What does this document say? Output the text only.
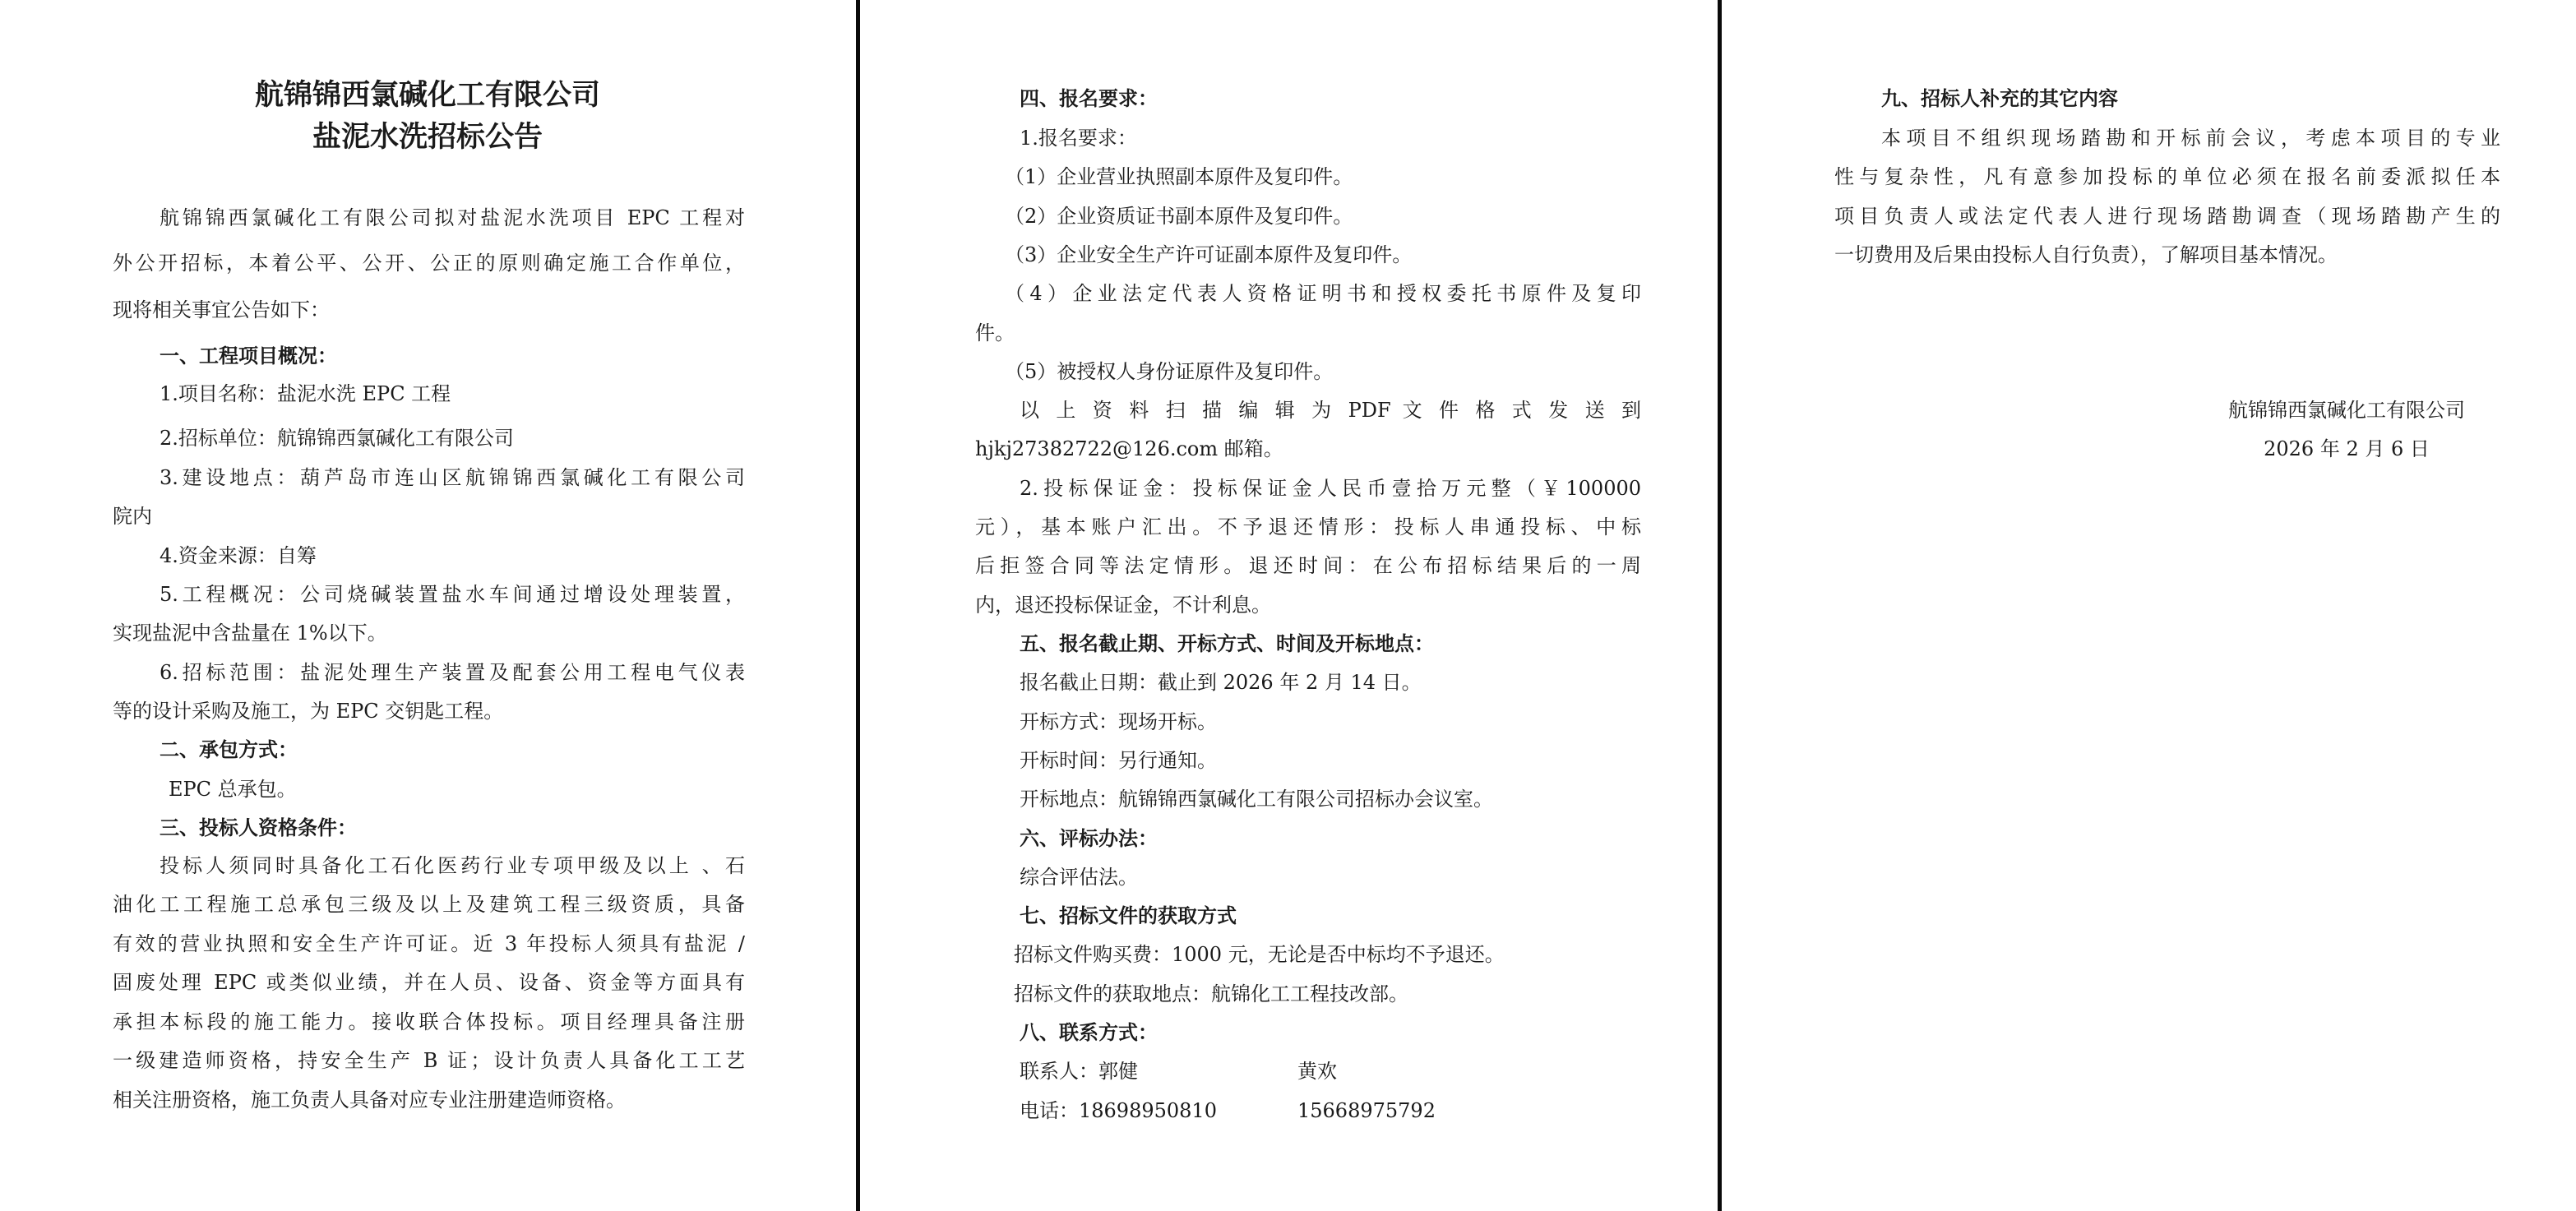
航锦锦西氯碱化工有限公司
盐泥水洗招标公告
航锦锦西氯碱化工有限公司拟对盐泥水洗项目 EPC 工程对
外公开招标，本着公平、公开、公正的原则确定施工合作单位，
现将相关事宜公告如下：
一、工程项目概况：
1.项目名称：盐泥水洗 EPC 工程
2.招标单位：航锦锦西氯碱化工有限公司
3.建设地点：葫芦岛市连山区航锦锦西氯碱化工有限公司
院内
4.资金来源：自筹
5.工程概况：公司烧碱装置盐水车间通过增设处理装置，
实现盐泥中含盐量在 1%以下。
6.招标范围：盐泥处理生产装置及配套公用工程电气仪表
等的设计采购及施工，为 EPC 交钥匙工程。
二、承包方式：
EPC 总承包。
三、投标人资格条件：
投标人须同时具备化工石化医药行业专项甲级及以上 、石
油化工工程施工总承包三级及以上及建筑工程三级资质，具备
有效的营业执照和安全生产许可证。近 3 年投标人须具有盐泥 /
固废处理 EPC 或类似业绩，并在人员、设备、资金等方面具有
承担本标段的施工能力。接收联合体投标。项目经理具备注册
一级建造师资格，持安全生产 B 证；设计负责人具备化工工艺
相关注册资格，施工负责人具备对应专业注册建造师资格。
四、报名要求：
1.报名要求：
（1）企业营业执照副本原件及复印件。
（2）企业资质证书副本原件及复印件。
（3）企业安全生产许可证副本原件及复印件。
（4）企业法定代表人资格证明书和授权委托书原件及复印
件。
（5）被授权人身份证原件及复印件。
以 上 资 料 扫 描 编 辑 为 PDF 文 件 格 式 发 送 到
hjkj27382722@126.com 邮箱。
2.投标保证金：投标保证金人民币壹拾万元整（￥100000
元），基本账户汇出。不予退还情形：投标人串通投标、中标
后拒签合同等法定情形。退还时间：在公布招标结果后的一周
内，退还投标保证金，不计利息。
五、报名截止期、开标方式、时间及开标地点：
报名截止日期：截止到 2026 年 2 月 14 日。
开标方式：现场开标。
开标时间：另行通知。
开标地点：航锦锦西氯碱化工有限公司招标办会议室。
六、评标办法：
综合评估法。
七、招标文件的获取方式
招标文件购买费：1000 元，无论是否中标均不予退还。
招标文件的获取地点：航锦化工工程技改部。
八、联系方式：
联系人：郭健	黄欢
电话：18698950810	15668975792
九、招标人补充的其它内容
本项目不组织现场踏勘和开标前会议，考虑本项目的专业
性与复杂性，凡有意参加投标的单位必须在报名前委派拟任本
项目负责人或法定代表人进行现场踏勘调查（现场踏勘产生的
一切费用及后果由投标人自行负责），了解项目基本情况。
航锦锦西氯碱化工有限公司
2026 年 2 月 6 日
